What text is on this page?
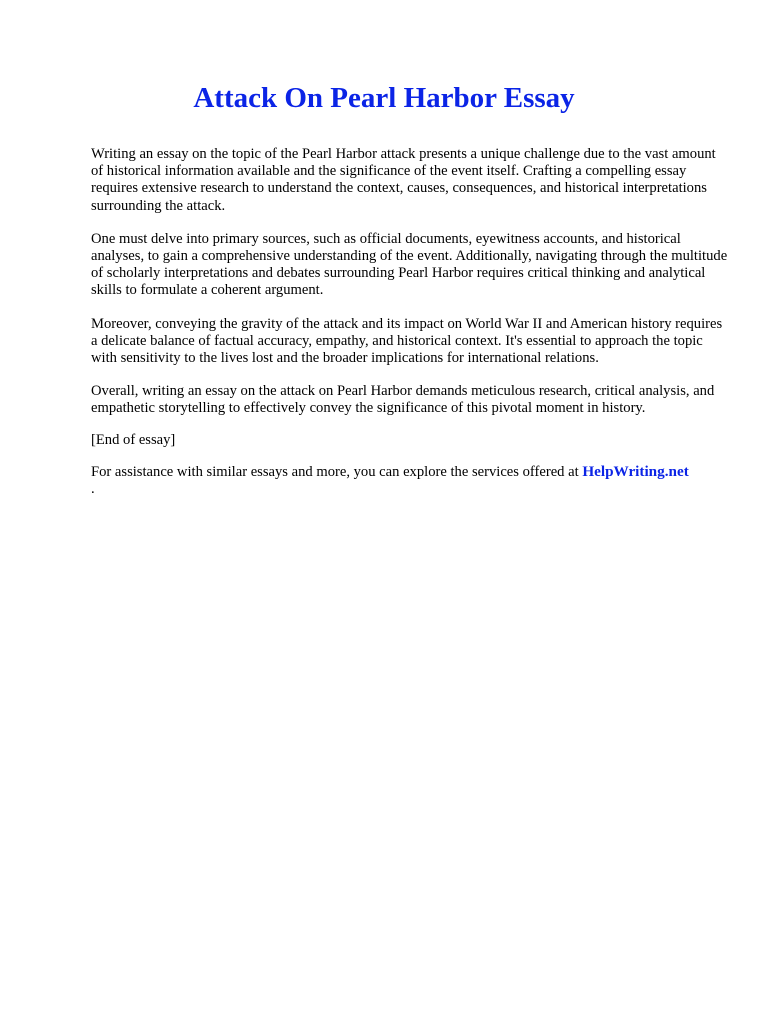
Attack On Pearl Harbor Essay

Writing an essay on the topic of the Pearl Harbor attack presents a unique challenge due to the vast amount of historical information available and the significance of the event itself. Crafting a compelling essay requires extensive research to understand the context, causes, consequences, and historical interpretations surrounding the attack.

One must delve into primary sources, such as official documents, eyewitness accounts, and historical analyses, to gain a comprehensive understanding of the event. Additionally, navigating through the multitude of scholarly interpretations and debates surrounding Pearl Harbor requires critical thinking and analytical skills to formulate a coherent argument.

Moreover, conveying the gravity of the attack and its impact on World War II and American history requires a delicate balance of factual accuracy, empathy, and historical context. It's essential to approach the topic with sensitivity to the lives lost and the broader implications for international relations.

Overall, writing an essay on the attack on Pearl Harbor demands meticulous research, critical analysis, and empathetic storytelling to effectively convey the significance of this pivotal moment in history.

[End of essay]

For assistance with similar essays and more, you can explore the services offered at HelpWriting.net
.
